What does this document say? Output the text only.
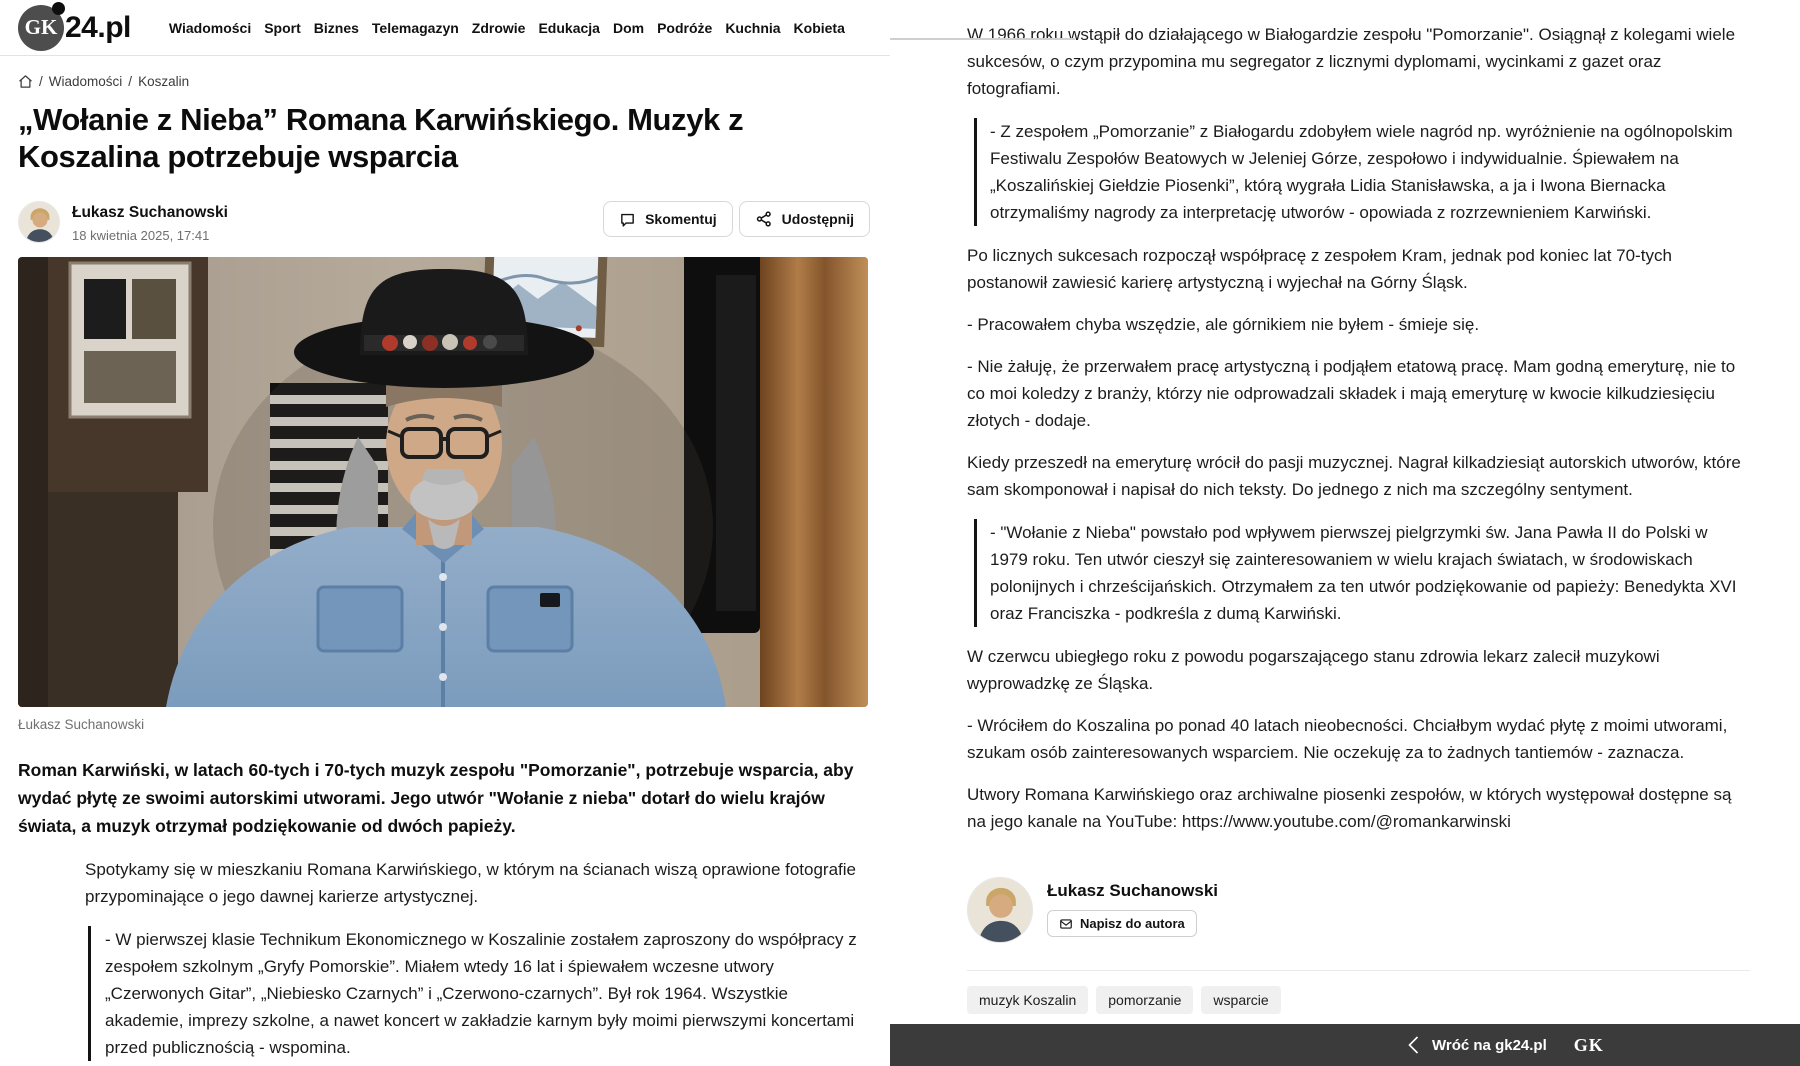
GK 24.pl	Wiadomości Sport Biznes Telemagazyn Zdrowie Edukacja Dom Podróże Kuchnia Kobieta
/ Wiadomości / Koszalin
„Wołanie z Nieba” Romana Karwińskiego. Muzyk z Koszalina potrzebuje wsparcia
Łukasz Suchanowski
18 kwietnia 2025, 17:41
Skomentuj	Udostępnij
Łukasz Suchanowski

Roman Karwiński, w latach 60-tych i 70-tych muzyk zespołu "Pomorzanie", potrzebuje wsparcia, aby wydać płytę ze swoimi autorskimi utworami. Jego utwór "Wołanie z nieba" dotarł do wielu krajów świata, a muzyk otrzymał podziękowanie od dwóch papieży.

Spotykamy się w mieszkaniu Romana Karwińskiego, w którym na ścianach wiszą oprawione fotografie przypominające o jego dawnej karierze artystycznej.

- W pierwszej klasie Technikum Ekonomicznego w Koszalinie zostałem zaproszony do współpracy z zespołem szkolnym „Gryfy Pomorskie”. Miałem wtedy 16 lat i śpiewałem wczesne utwory „Czerwonych Gitar”, „Niebiesko Czarnych” i „Czerwono-czarnych”. Był rok 1964. Wszystkie akademie, imprezy szkolne, a nawet koncert w zakładzie karnym były moimi pierwszymi koncertami przed publicznością - wspomina.

W 1966 roku wstąpił do działającego w Białogardzie zespołu "Pomorzanie". Osiągnął z kolegami wiele sukcesów, o czym przypomina mu segregator z licznymi dyplomami, wycinkami z gazet oraz fotografiami.

- Z zespołem „Pomorzanie” z Białogardu zdobyłem wiele nagród np. wyróżnienie na ogólnopolskim Festiwalu Zespołów Beatowych w Jeleniej Górze, zespołowo i indywidualnie. Śpiewałem na „Koszalińskiej Giełdzie Piosenki”, którą wygrała Lidia Stanisławska, a ja i Iwona Biernacka otrzymaliśmy nagrody za interpretację utworów - opowiada z rozrzewnieniem Karwiński.

Po licznych sukcesach rozpoczął współpracę z zespołem Kram, jednak pod koniec lat 70-tych postanowił zawiesić karierę artystyczną i wyjechał na Górny Śląsk.

- Pracowałem chyba wszędzie, ale górnikiem nie byłem - śmieje się.

- Nie żałuję, że przerwałem pracę artystyczną i podjąłem etatową pracę. Mam godną emeryturę, nie to co moi koledzy z branży, którzy nie odprowadzali składek i mają emeryturę w kwocie kilkudziesięciu złotych - dodaje.

Kiedy przeszedł na emeryturę wrócił do pasji muzycznej. Nagrał kilkadziesiąt autorskich utworów, które sam skomponował i napisał do nich teksty. Do jednego z nich ma szczególny sentyment.

- "Wołanie z Nieba" powstało pod wpływem pierwszej pielgrzymki św. Jana Pawła II do Polski w 1979 roku. Ten utwór cieszył się zainteresowaniem w wielu krajach światach, w środowiskach polonijnych i chrześcijańskich. Otrzymałem za ten utwór podziękowanie od papieży: Benedykta XVI oraz Franciszka - podkreśla z dumą Karwiński.

W czerwcu ubiegłego roku z powodu pogarszającego stanu zdrowia lekarz zalecił muzykowi wyprowadzkę ze Śląska.

- Wróciłem do Koszalina po ponad 40 latach nieobecności. Chciałbym wydać płytę z moimi utworami, szukam osób zainteresowanych wsparciem. Nie oczekuję za to żadnych tantiemów - zaznacza.

Utwory Romana Karwińskiego oraz archiwalne piosenki zespołów, w których występował dostępne są na jego kanale na YouTube: https://www.youtube.com/@romankarwinski

Łukasz Suchanowski
Napisz do autora
muzyk Koszalin	pomorzanie	wsparcie
Wróć na gk24.pl GK
